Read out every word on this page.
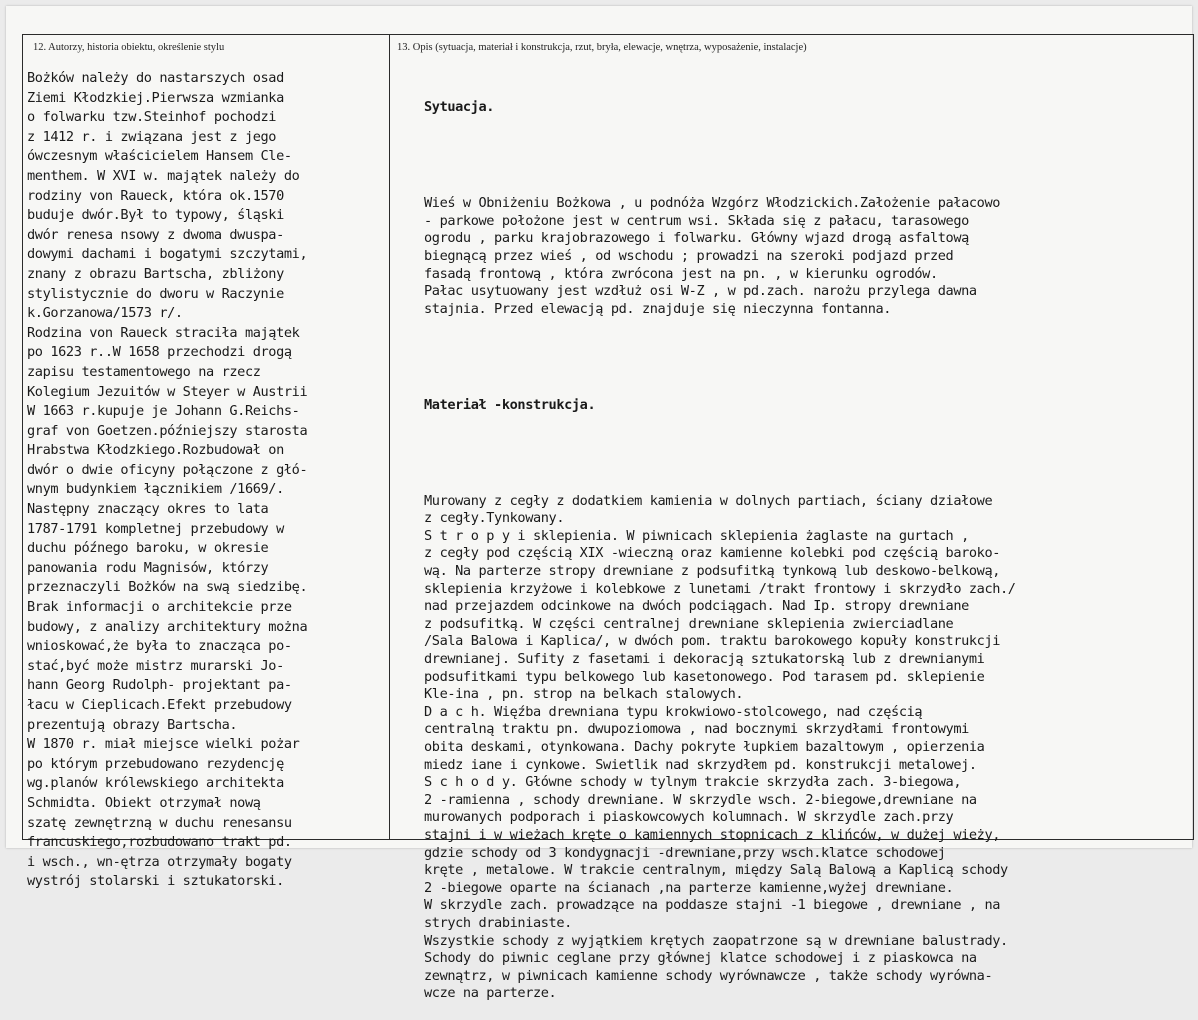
12. Autorzy, historia obiektu, określenie stylu	13. Opis (sytuacja, materiał i konstrukcja, rzut, bryła, elewacje, wnętrza, wyposażenie, instalacje)
Bożków należy do nastarszych osad
Ziemi Kłodzkiej.Pierwsza wzmianka
o folwarku tzw.Steinhof pochodzi
z 1412 r. i związana jest z jego
ówczesnym właścicielem Hansem Cle-
menthem. W XVI w. majątek należy do
rodziny von Raueck, która ok.1570
buduje dwór.Był to typowy, śląski
dwór renesa nsowy z dwoma dwuspa-
dowymi dachami i bogatymi szczytami,
znany z obrazu Bartscha, zbliżony
stylistycznie do dworu w Raczynie
k.Gorzanowa/1573 r/.
Rodzina von Raueck straciła majątek
po 1623 r..W 1658 przechodzi drogą
zapisu testamentowego na rzecz
Kolegium Jezuitów w Steyer w Austrii
W 1663 r.kupuje je Johann G.Reichs-
graf von Goetzen.późniejszy starosta
Hrabstwa Kłodzkiego.Rozbudował on
dwór o dwie oficyny połączone z głó-
wnym budynkiem łącznikiem /1669/.
Następny znaczący okres to lata
1787-1791 kompletnej przebudowy w
duchu późnego baroku, w okresie
panowania rodu Magnisów, którzy
przeznaczyli Bożków na swą siedzibę.
Brak informacji o architekcie prze
budowy, z analizy architektury można
wnioskować,że była to znacząca po-
stać,być może mistrz murarski Jo-
hann Georg Rudolph- projektant pa-
łacu w Cieplicach.Efekt przebudowy
prezentują obrazy Bartscha.
W 1870 r. miał miejsce wielki pożar
po którym przebudowano rezydencję
wg.planów królewskiego architekta
Schmidta. Obiekt otrzymał nową
szatę zewnętrzną w duchu renesansu
francuskiego,rozbudowano trakt pd.
i wsch., wn-ętrza otrzymały bogaty
wystrój stolarski i sztukatorski.

Sytuacja.

Wieś w Obniżeniu Bożkowa , u podnóża Wzgórz Włodzickich.Założenie pałacowo
- parkowe położone jest w centrum wsi. Składa się z pałacu, tarasowego
ogrodu , parku krajobrazowego i folwarku. Główny wjazd drogą asfaltową
biegnącą przez wieś , od wschodu ; prowadzi na szeroki podjazd przed
fasadą frontową , która zwrócona jest na pn. , w kierunku ogrodów.
Pałac usytuowany jest wzdłuż osi W-Z , w pd.zach. narożu przylega dawna
stajnia. Przed elewacją pd. znajduje się nieczynna fontanna.

Materiał -konstrukcja.

Murowany z cegły z dodatkiem kamienia w dolnych partiach, ściany działowe
z cegły.Tynkowany.
S t r o p y i sklepienia. W piwnicach sklepienia żaglaste na gurtach ,
z cegły pod częścią XIX -wieczną oraz kamienne kolebki pod częścią baroko-
wą. Na parterze stropy drewniane z podsufitką tynkową lub deskowo-belkową,
sklepienia krzyżowe i kolebkowe z lunetami /trakt frontowy i skrzydło zach./
nad przejazdem odcinkowe na dwóch podciągach. Nad Ip. stropy drewniane
z podsufitką. W części centralnej drewniane sklepienia zwierciadlane
/Sala Balowa i Kaplica/, w dwóch pom. traktu barokowego kopuły konstrukcji
drewnianej. Sufity z fasetami i dekoracją sztukatorską lub z drewnianymi
podsufitkami typu belkowego lub kasetonowego. Pod tarasem pd. sklepienie
Kle-ina , pn. strop na belkach stalowych.
D a c h. Więźba drewniana typu krokwiowo-stolcowego, nad częścią
centralną traktu pn. dwupoziomowa , nad bocznymi skrzydłami frontowymi
obita deskami, otynkowana. Dachy pokryte łupkiem bazaltowym , opierzenia
miedz iane i cynkowe. Swietlik nad skrzydłem pd. konstrukcji metalowej.
S c h o d y. Główne schody w tylnym trakcie skrzydła zach. 3-biegowa,
2 -ramienna , schody drewniane. W skrzydle wsch. 2-biegowe,drewniane na
murowanych podporach i piaskowcowych kolumnach. W skrzydle zach.przy
stajni i w wieżach kręte o kamiennych stopnicach z klińców, w dużej wieży,
gdzie schody od 3 kondygnacji -drewniane,przy wsch.klatce schodowej
kręte , metalowe. W trakcie centralnym, między Salą Balową a Kaplicą schody
2 -biegowe oparte na ścianach ,na parterze kamienne,wyżej drewniane.
W skrzydle zach. prowadzące na poddasze stajni -1 biegowe , drewniane , na
strych drabiniaste.
Wszystkie schody z wyjątkiem krętych zaopatrzone są w drewniane balustrady.
Schody do piwnic ceglane przy głównej klatce schodowej i z piaskowca na
zewnątrz, w piwnicach kamienne schody wyrównawcze , także schody wyrówna-
wcze na parterze.
